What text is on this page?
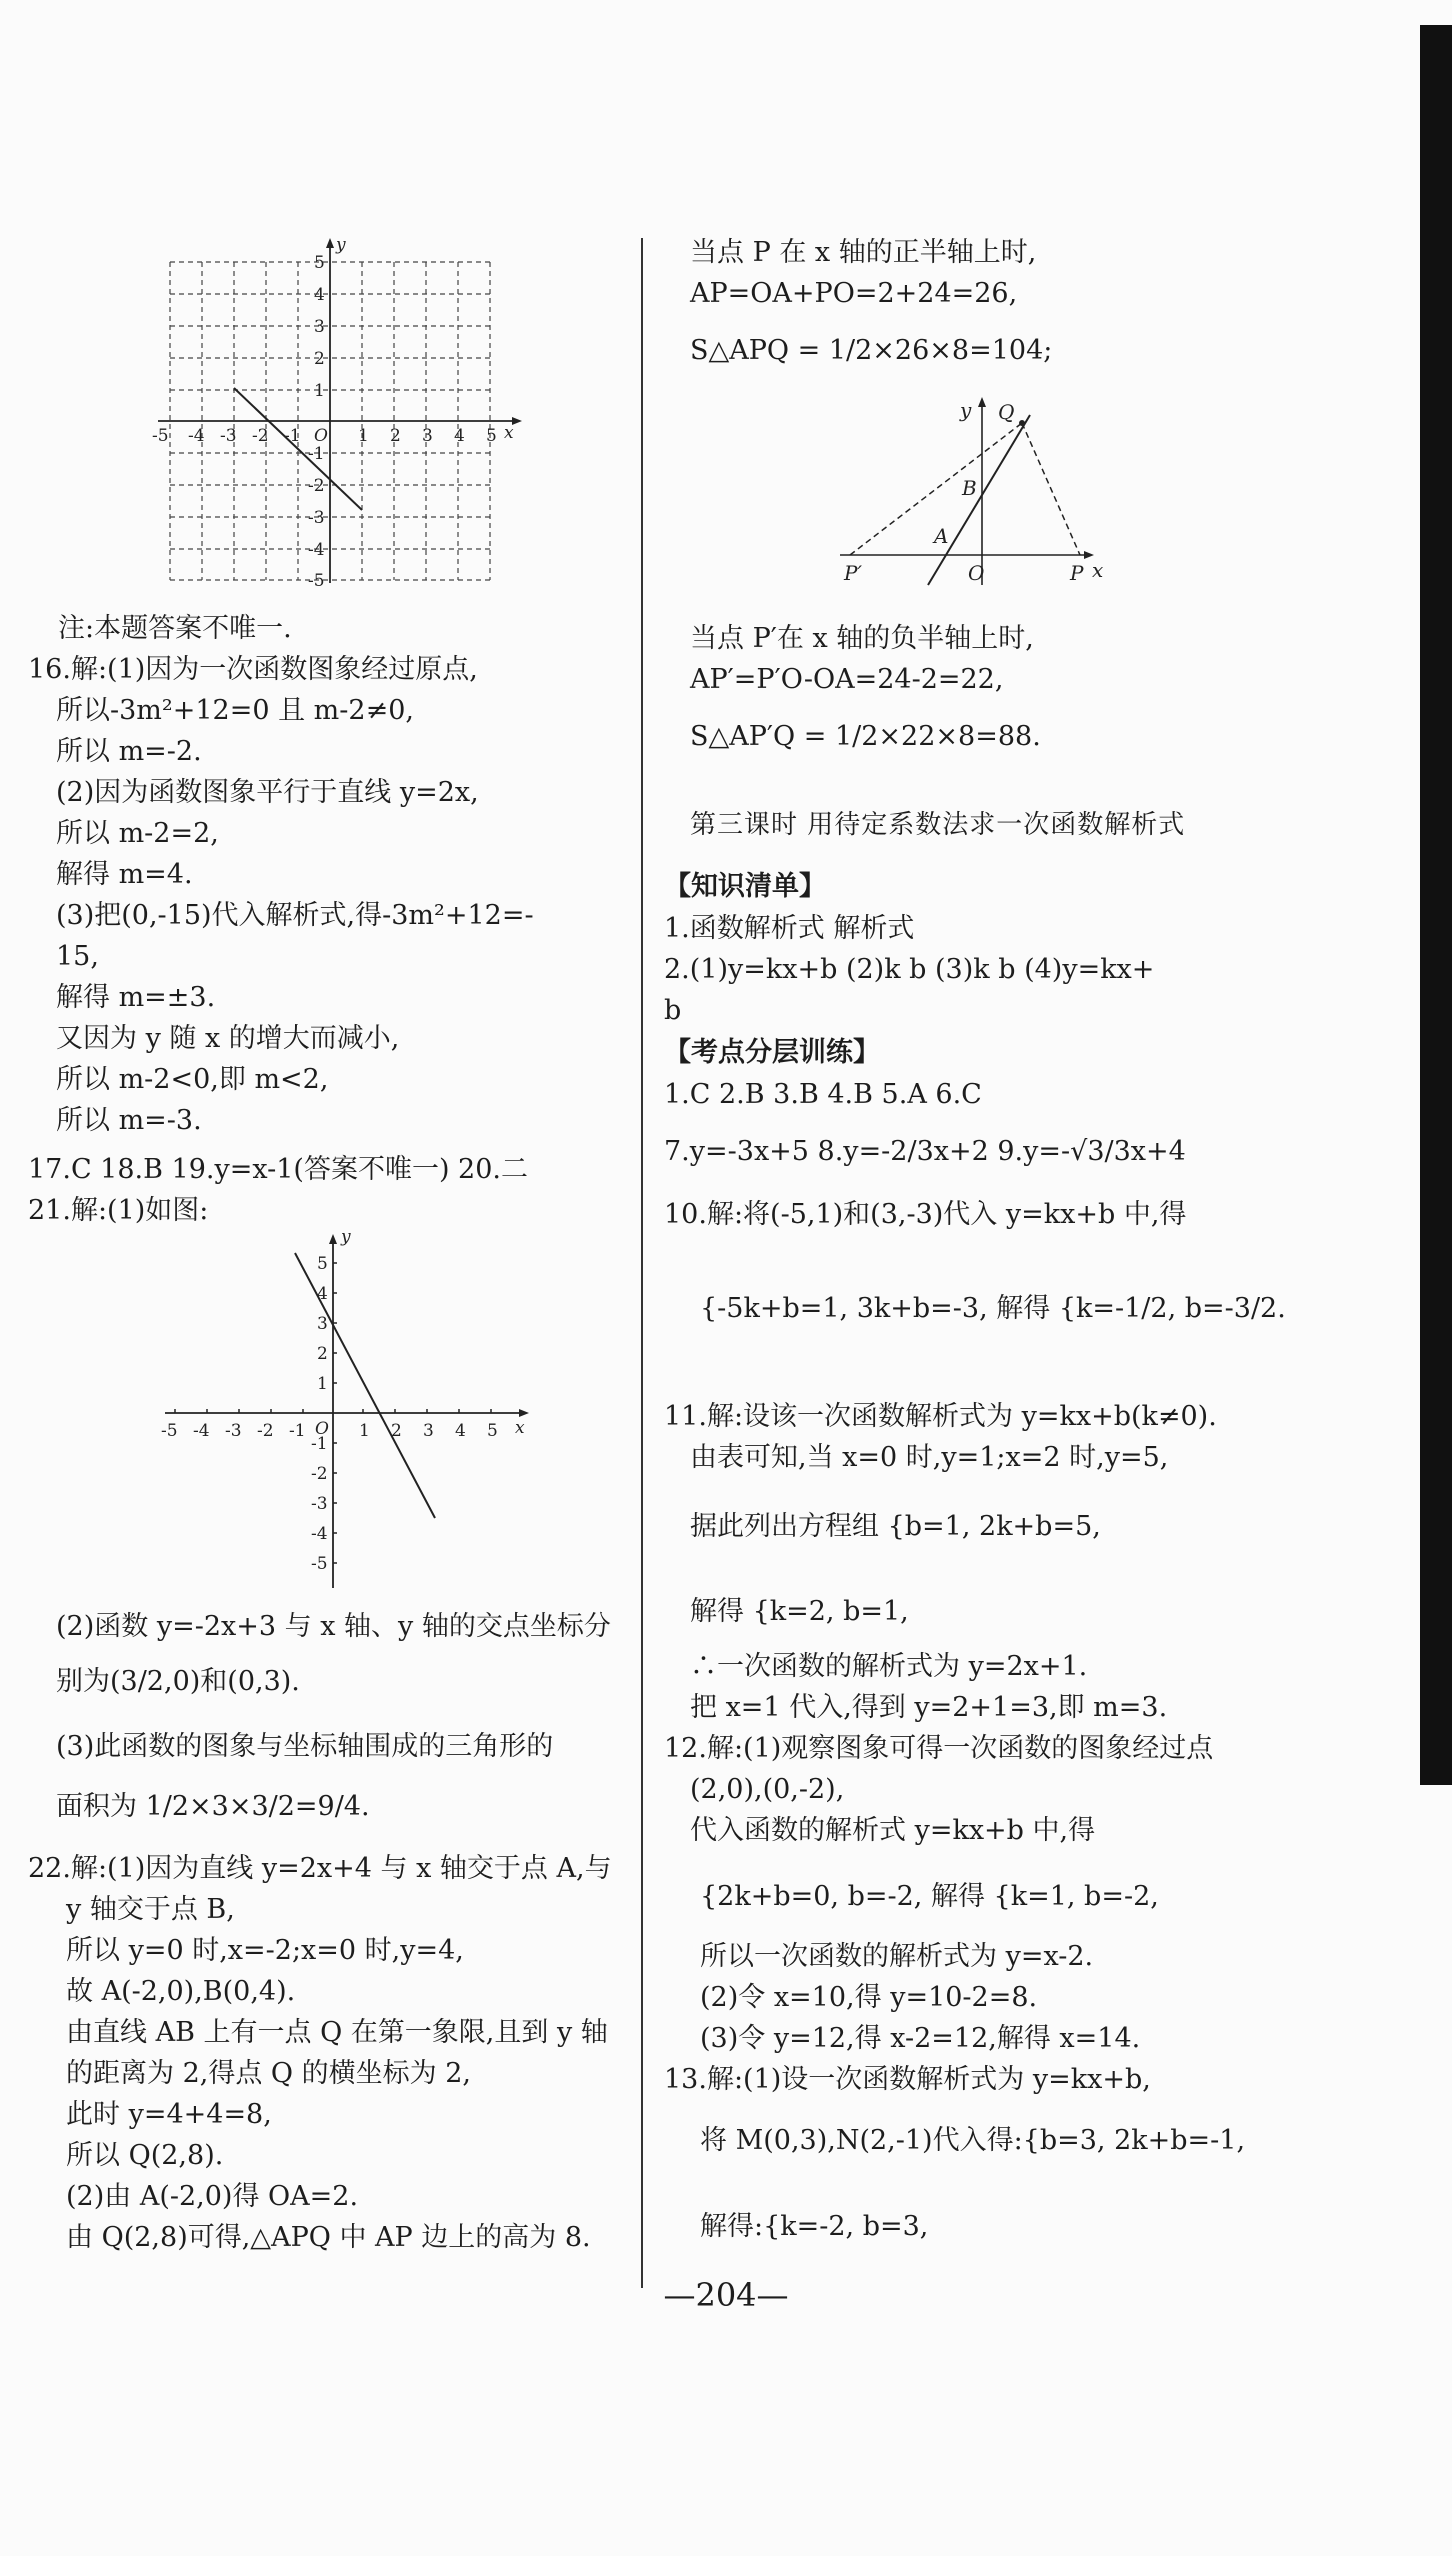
y
x
-5 -4 -3 -2 -1 O 1 2 3 4 5
5
4
3
2
1
-1
-2
-3
-4
-5
注:本题答案不唯一.
16.解:(1)因为一次函数图象经过原点,
所以-3m²+12=0 且 m-2≠0,
所以 m=-2.
(2)因为函数图象平行于直线 y=2x,
所以 m-2=2,
解得 m=4.
(3)把(0,-15)代入解析式,得-3m²+12=-
15,
解得 m=±3.
又因为 y 随 x 的增大而减小,
所以 m-2<0,即 m<2,
所以 m=-3.
17.C 18.B 19.y=x-1(答案不唯一) 20.二
21.解:(1)如图:
y
x
-5 -4 -3 -2 -1 O 1 2 3 4 5
5
4
3
2
1
-1
-2
-3
-4
-5
(2)函数 y=-2x+3 与 x 轴、y 轴的交点坐标分
别为(3/2,0)和(0,3).
(3)此函数的图象与坐标轴围成的三角形的
面积为 1/2×3×3/2=9/4.
22.解:(1)因为直线 y=2x+4 与 x 轴交于点 A,与
y 轴交于点 B,
所以 y=0 时,x=-2;x=0 时,y=4,
故 A(-2,0),B(0,4).
由直线 AB 上有一点 Q 在第一象限,且到 y 轴
的距离为 2,得点 Q 的横坐标为 2,
此时 y=4+4=8,
所以 Q(2,8).
(2)由 A(-2,0)得 OA=2.
由 Q(2,8)可得,△APQ 中 AP 边上的高为 8.
当点 P 在 x 轴的正半轴上时,
AP=OA+PO=2+24=26,
S△APQ = 1/2×26×8=104;
y Q
B
A
P′	O	P x
当点 P′在 x 轴的负半轴上时,
AP′=P′O-OA=24-2=22,
S△AP′Q = 1/2×22×8=88.
第三课时 用待定系数法求一次函数解析式
【知识清单】
1.函数解析式 解析式
2.(1)y=kx+b (2)k b (3)k b (4)y=kx+
b
【考点分层训练】
1.C 2.B 3.B 4.B 5.A 6.C
7.y=-3x+5 8.y=-2/3x+2 9.y=-√3/3x+4
10.解:将(-5,1)和(3,-3)代入 y=kx+b 中,得
{-5k+b=1, 3k+b=-3, 解得 {k=-1/2, b=-3/2.
11.解:设该一次函数解析式为 y=kx+b(k≠0).
由表可知,当 x=0 时,y=1;x=2 时,y=5,
据此列出方程组 {b=1, 2k+b=5,
解得 {k=2, b=1,
∴一次函数的解析式为 y=2x+1.
把 x=1 代入,得到 y=2+1=3,即 m=3.
12.解:(1)观察图象可得一次函数的图象经过点
(2,0),(0,-2),
代入函数的解析式 y=kx+b 中,得
{2k+b=0, b=-2, 解得 {k=1, b=-2,
所以一次函数的解析式为 y=x-2.
(2)令 x=10,得 y=10-2=8.
(3)令 y=12,得 x-2=12,解得 x=14.
13.解:(1)设一次函数解析式为 y=kx+b,
将 M(0,3),N(2,-1)代入得:{b=3, 2k+b=-1,
解得:{k=-2, b=3,
—204—
